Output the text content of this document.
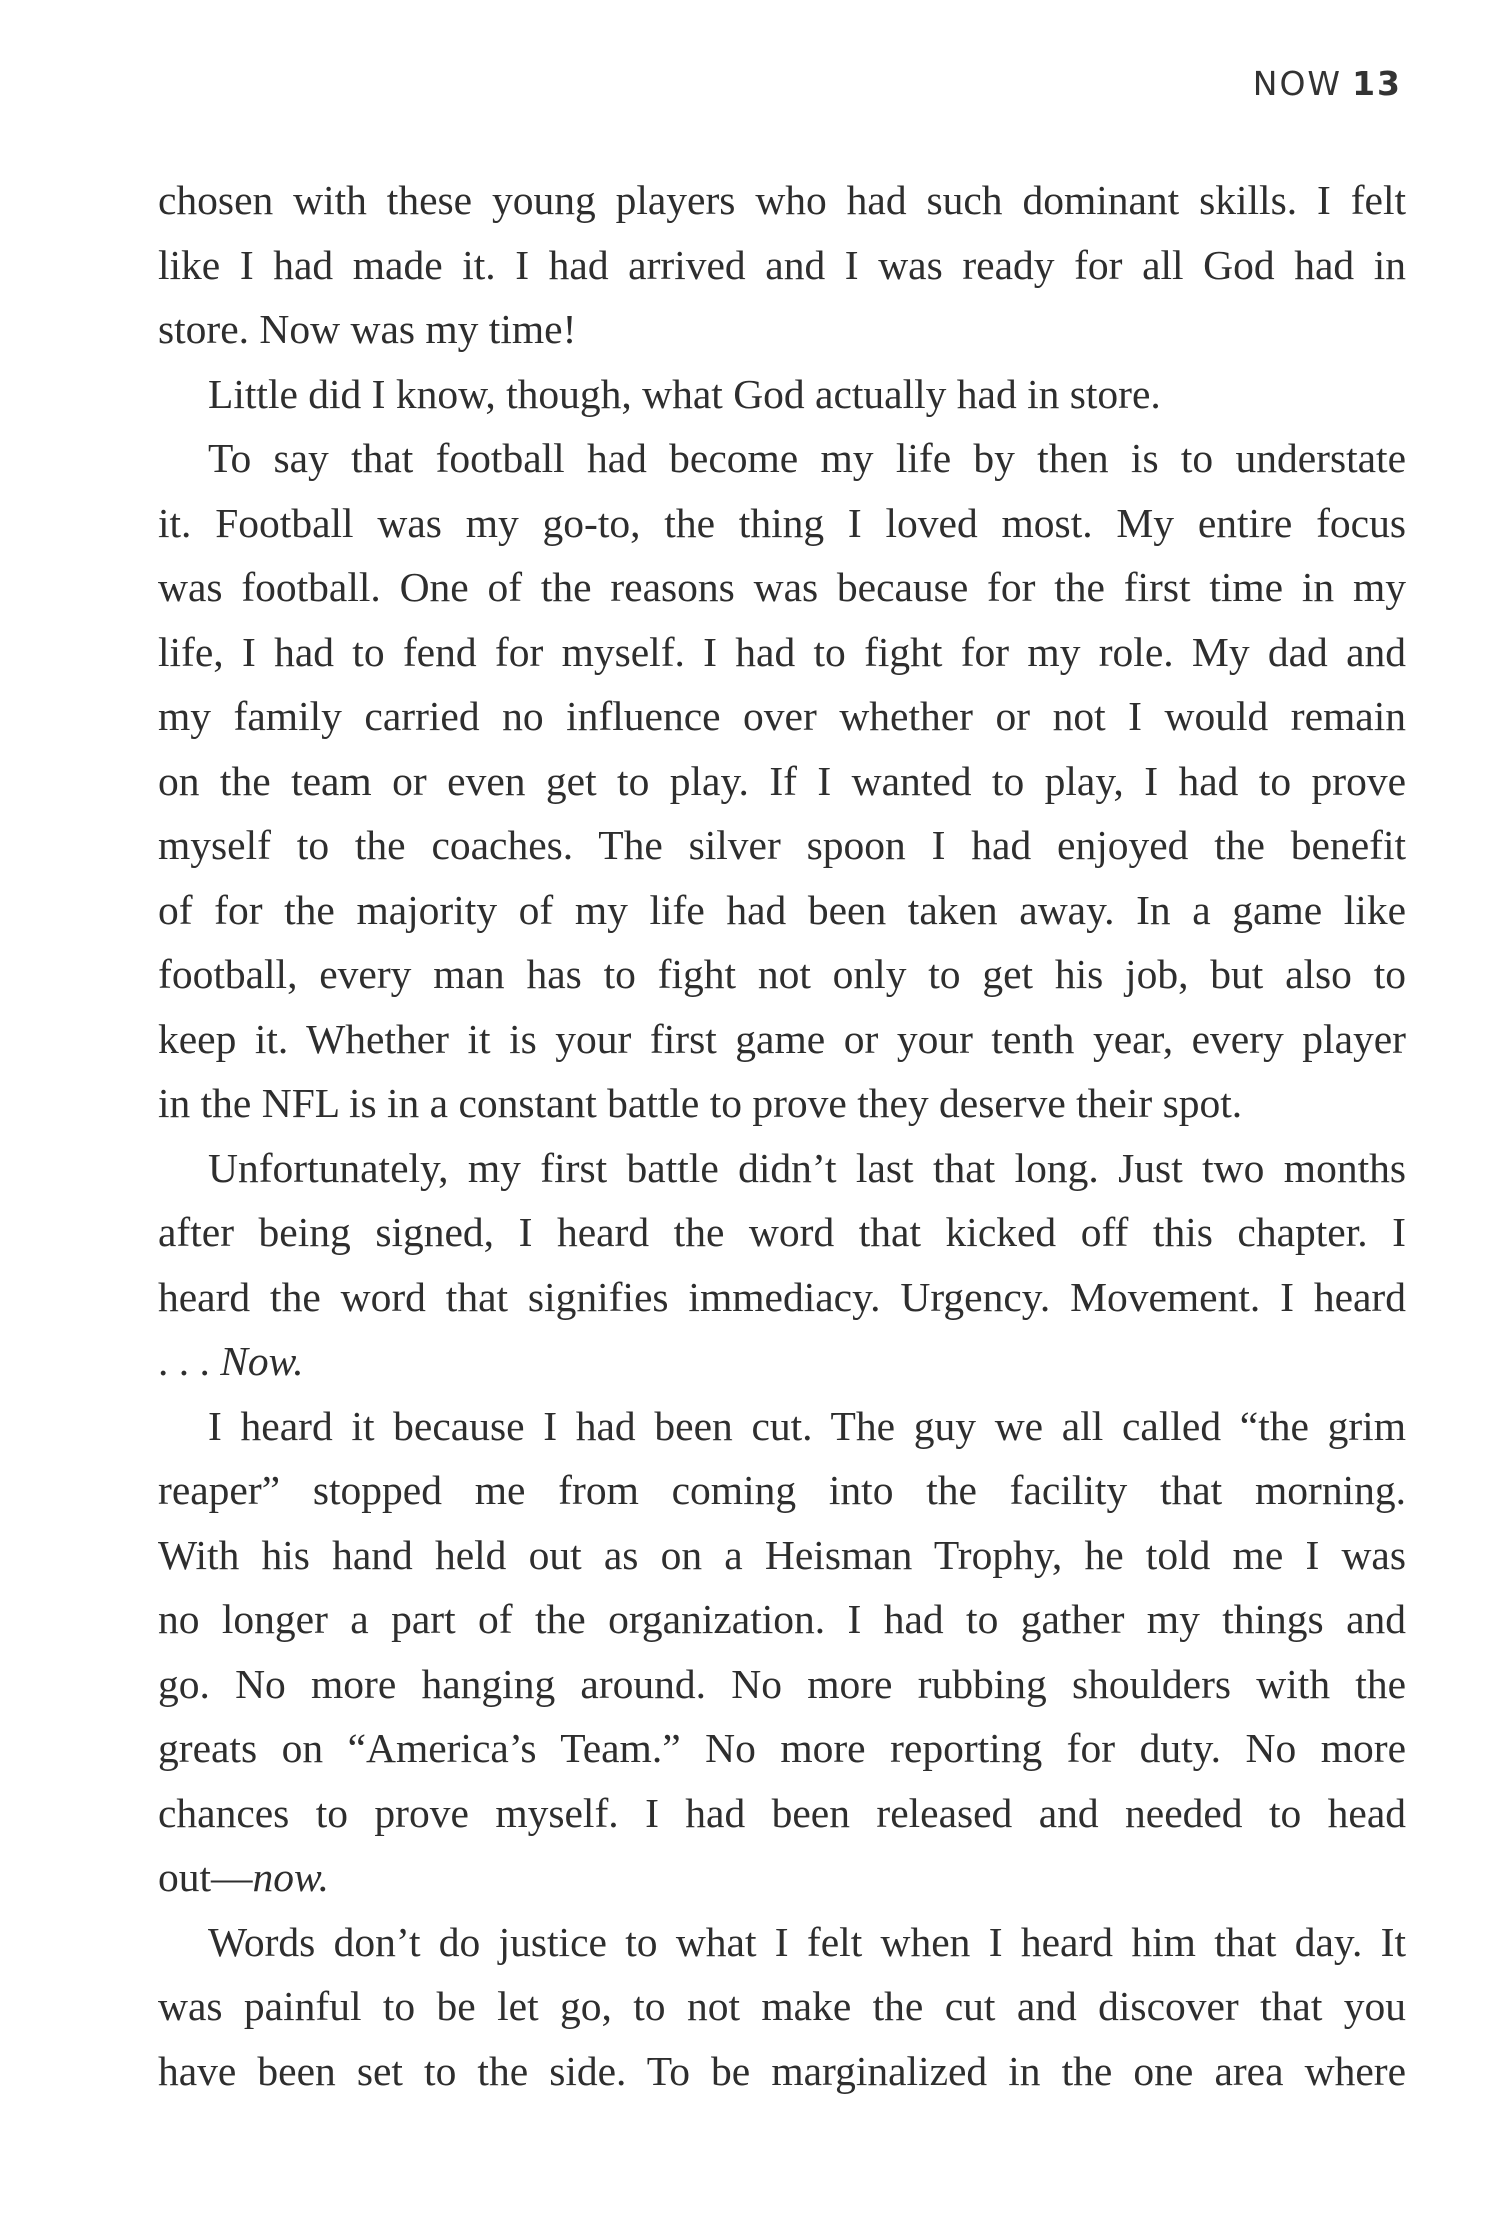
NOW 13
chosen with these young players who had such dominant skills. I felt
like I had made it. I had arrived and I was ready for all God had in
store. Now was my time!
Little did I know, though, what God actually had in store.
To say that football had become my life by then is to understate
it. Football was my go-to, the thing I loved most. My entire focus
was football. One of the reasons was because for the first time in my
life, I had to fend for myself. I had to fight for my role. My dad and
my family carried no influence over whether or not I would remain
on the team or even get to play. If I wanted to play, I had to prove
myself to the coaches. The silver spoon I had enjoyed the benefit
of for the majority of my life had been taken away. In a game like
football, every man has to fight not only to get his job, but also to
keep it. Whether it is your first game or your tenth year, every player
in the NFL is in a constant battle to prove they deserve their spot.
Unfortunately, my first battle didn’t last that long. Just two months
after being signed, I heard the word that kicked off this chapter. I
heard the word that signifies immediacy. Urgency. Movement. I heard
. . . Now.
I heard it because I had been cut. The guy we all called “the grim
reaper” stopped me from coming into the facility that morning.
With his hand held out as on a Heisman Trophy, he told me I was
no longer a part of the organization. I had to gather my things and
go. No more hanging around. No more rubbing shoulders with the
greats on “America’s Team.” No more reporting for duty. No more
chances to prove myself. I had been released and needed to head
out—now.
Words don’t do justice to what I felt when I heard him that day. It
was painful to be let go, to not make the cut and discover that you
have been set to the side. To be marginalized in the one area where
